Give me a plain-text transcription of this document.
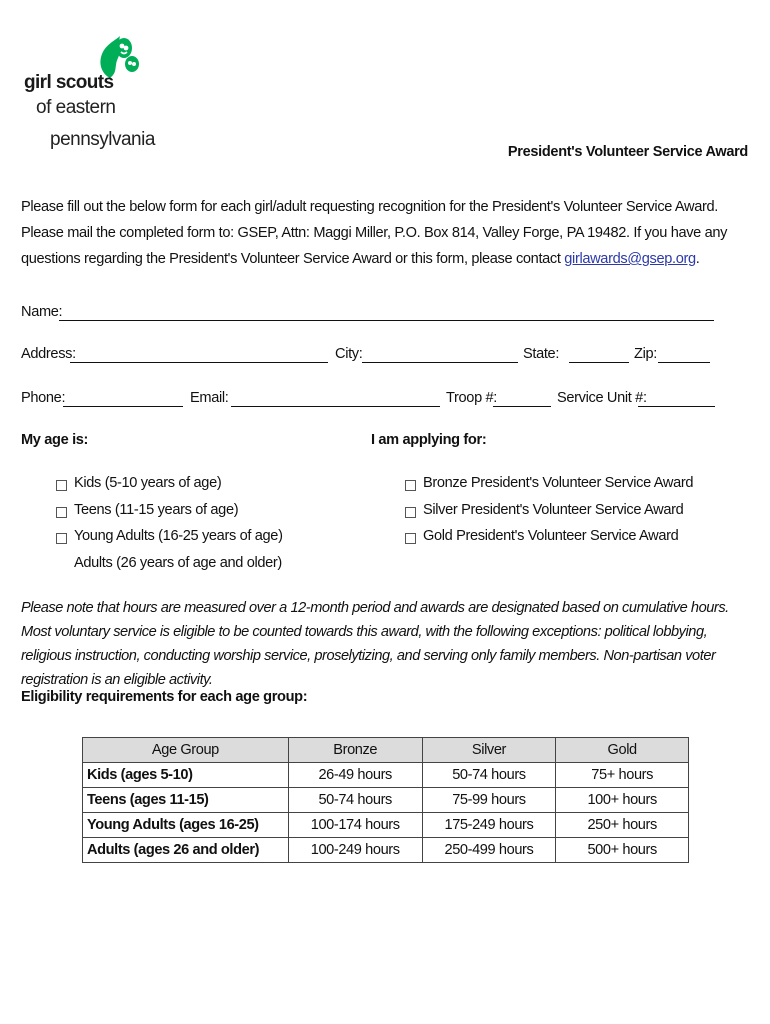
girl scouts
of eastern
pennsylvania
President's Volunteer Service Award
Please fill out the below form for each girl/adult requesting recognition for the President's Volunteer Service Award. Please mail the completed form to: GSEP, Attn: Maggi Miller, P.O. Box 814, Valley Forge, PA 19482. If you have any questions regarding the President's Volunteer Service Award or this form, please contact girlawards@gsep.org.
Name:
Address:	City:	State:	Zip:
Phone:	Email:	Troop #:	Service Unit #:
My age is:
Kids (5-10 years of age)
Teens (11-15 years of age)
Young Adults (16-25 years of age)
Adults (26 years of age and older)
I am applying for:
Bronze President's Volunteer Service Award
Silver President's Volunteer Service Award
Gold President's Volunteer Service Award
Please note that hours are measured over a 12-month period and awards are designated based on cumulative hours. Most voluntary service is eligible to be counted towards this award, with the following exceptions: political lobbying, religious instruction, conducting worship service, proselytizing, and serving only family members. Non-partisan voter registration is an eligible activity.
Eligibility requirements for each age group:
Age Group	Bronze	Silver	Gold
Kids (ages 5-10)	26-49 hours	50-74 hours	75+ hours
Teens (ages 11-15)	50-74 hours	75-99 hours	100+ hours
Young Adults (ages 16-25)	100-174 hours	175-249 hours	250+ hours
Adults (ages 26 and older)	100-249 hours	250-499 hours	500+ hours
